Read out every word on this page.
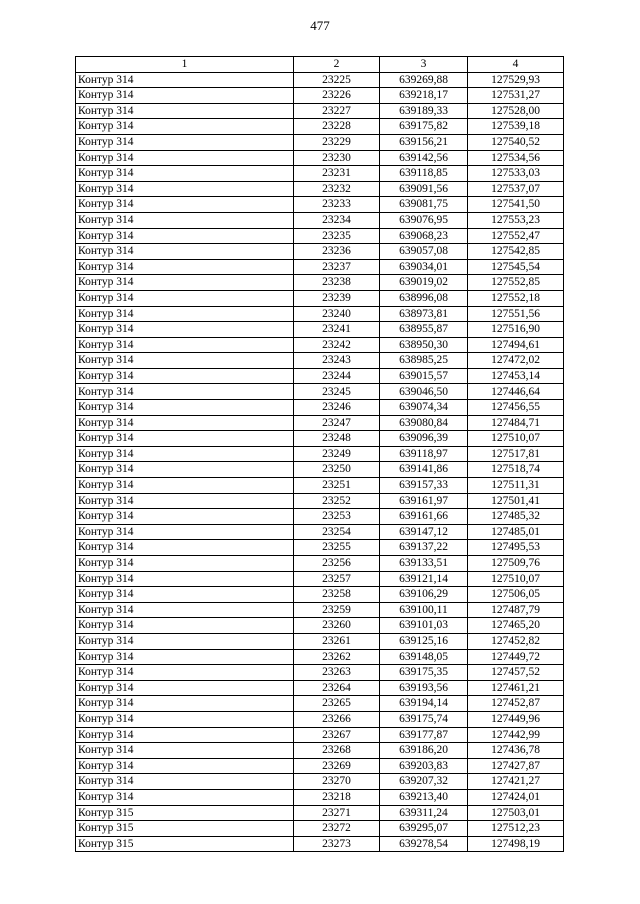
477
1	2	3	4
Контур 314	23225	639269,88	127529,93
Контур 314	23226	639218,17	127531,27
Контур 314	23227	639189,33	127528,00
Контур 314	23228	639175,82	127539,18
Контур 314	23229	639156,21	127540,52
Контур 314	23230	639142,56	127534,56
Контур 314	23231	639118,85	127533,03
Контур 314	23232	639091,56	127537,07
Контур 314	23233	639081,75	127541,50
Контур 314	23234	639076,95	127553,23
Контур 314	23235	639068,23	127552,47
Контур 314	23236	639057,08	127542,85
Контур 314	23237	639034,01	127545,54
Контур 314	23238	639019,02	127552,85
Контур 314	23239	638996,08	127552,18
Контур 314	23240	638973,81	127551,56
Контур 314	23241	638955,87	127516,90
Контур 314	23242	638950,30	127494,61
Контур 314	23243	638985,25	127472,02
Контур 314	23244	639015,57	127453,14
Контур 314	23245	639046,50	127446,64
Контур 314	23246	639074,34	127456,55
Контур 314	23247	639080,84	127484,71
Контур 314	23248	639096,39	127510,07
Контур 314	23249	639118,97	127517,81
Контур 314	23250	639141,86	127518,74
Контур 314	23251	639157,33	127511,31
Контур 314	23252	639161,97	127501,41
Контур 314	23253	639161,66	127485,32
Контур 314	23254	639147,12	127485,01
Контур 314	23255	639137,22	127495,53
Контур 314	23256	639133,51	127509,76
Контур 314	23257	639121,14	127510,07
Контур 314	23258	639106,29	127506,05
Контур 314	23259	639100,11	127487,79
Контур 314	23260	639101,03	127465,20
Контур 314	23261	639125,16	127452,82
Контур 314	23262	639148,05	127449,72
Контур 314	23263	639175,35	127457,52
Контур 314	23264	639193,56	127461,21
Контур 314	23265	639194,14	127452,87
Контур 314	23266	639175,74	127449,96
Контур 314	23267	639177,87	127442,99
Контур 314	23268	639186,20	127436,78
Контур 314	23269	639203,83	127427,87
Контур 314	23270	639207,32	127421,27
Контур 314	23218	639213,40	127424,01
Контур 315	23271	639311,24	127503,01
Контур 315	23272	639295,07	127512,23
Контур 315	23273	639278,54	127498,19
